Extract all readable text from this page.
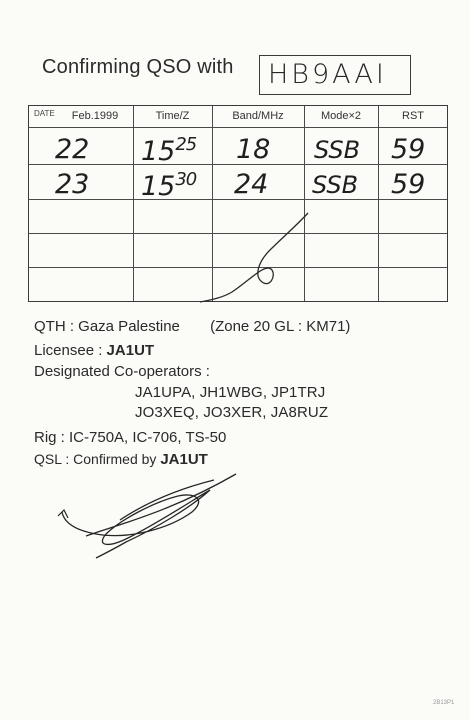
Confirming QSO with HB9AAI
DATE	Feb.1999	Time/Z	Band/MHz	Mode×2	RST
22 $15^{25}$ 18 SSB 59
23 $15^{30}$ 24 SSB 59
QTH : Gaza Palestine (Zone 20 GL : KM71)
Licensee : JA1UT
Designated Co-operators :
JA1UPA, JH1WBG, JP1TRJ
JO3XEQ, JO3XER, JA8RUZ
Rig : IC-750A, IC-706, TS-50
QSL : Confirmed by JA1UT
2B13P1
